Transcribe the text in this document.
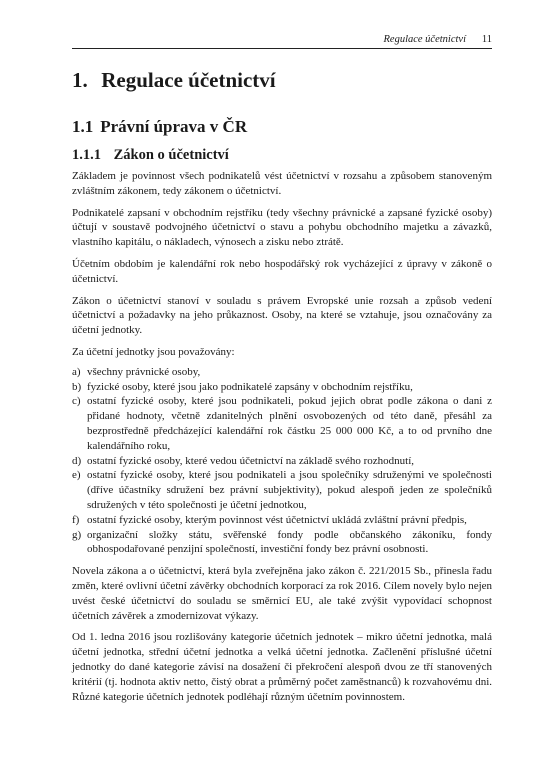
Regulace účetnictví 11
1. Regulace účetnictví
1.1 Právní úprava v ČR
1.1.1 Zákon o účetnictví

Základem je povinnost všech podnikatelů vést účetnictví v rozsahu a způsobem stanoveným zvláštním zákonem, tedy zákonem o účetnictví.

Podnikatelé zapsaní v obchodním rejstříku (tedy všechny právnické a zapsané fyzické osoby) účtují v soustavě podvojného účetnictví o stavu a pohybu obchodního majetku a závazků, vlastního kapitálu, o nákladech, výnosech a zisku nebo ztrátě.

Účetním obdobím je kalendářní rok nebo hospodářský rok vycházející z úpravy v zákoně o účetnictví.

Zákon o účetnictví stanoví v souladu s právem Evropské unie rozsah a způsob vedení účetnictví a požadavky na jeho průkaznost. Osoby, na které se vztahuje, jsou označovány za účetní jednotky.

Za účetní jednotky jsou považovány:

a) všechny právnické osoby,
b) fyzické osoby, které jsou jako podnikatelé zapsány v obchodním rejstříku,
c) ostatní fyzické osoby, které jsou podnikateli, pokud jejich obrat podle zákona o dani z přidané hodnoty, včetně zdanitelných plnění osvobozených od této daně, přesáhl za bezprostředně předcházející kalendářní rok částku 25 000 000 Kč, a to od prvního dne kalendářního roku,
d) ostatní fyzické osoby, které vedou účetnictví na základě svého rozhodnutí,
e) ostatní fyzické osoby, které jsou podnikateli a jsou společníky sdruženými ve společnosti (dříve účastníky sdružení bez právní subjektivity), pokud alespoň jeden ze společníků sdružených v této společnosti je účetní jednotkou,
f) ostatní fyzické osoby, kterým povinnost vést účetnictví ukládá zvláštní právní předpis,
g) organizační složky státu, svěřenské fondy podle občanského zákoníku, fondy obhospodařované penzijní společností, investiční fondy bez právní osobnosti.

Novela zákona a o účetnictví, která byla zveřejněna jako zákon č. 221/2015 Sb., přinesla řadu změn, které ovlivní účetní závěrky obchodních korporací za rok 2016. Cílem novely bylo nejen uvést české účetnictví do souladu se směrnicí EU, ale také zvýšit vypovídací schopnost účetních závěrek a zmodernizovat výkazy.

Od 1. ledna 2016 jsou rozlišovány kategorie účetních jednotek – mikro účetní jednotka, malá účetní jednotka, střední účetní jednotka a velká účetní jednotka. Začlenění příslušné účetní jednotky do dané kategorie závisí na dosažení či překročení alespoň dvou ze tří stanovených kritérií (tj. hodnota aktiv netto, čistý obrat a průměrný počet zaměstnanců) k rozvahovému dni. Různé kategorie účetních jednotek podléhají různým účetním povinnostem.
